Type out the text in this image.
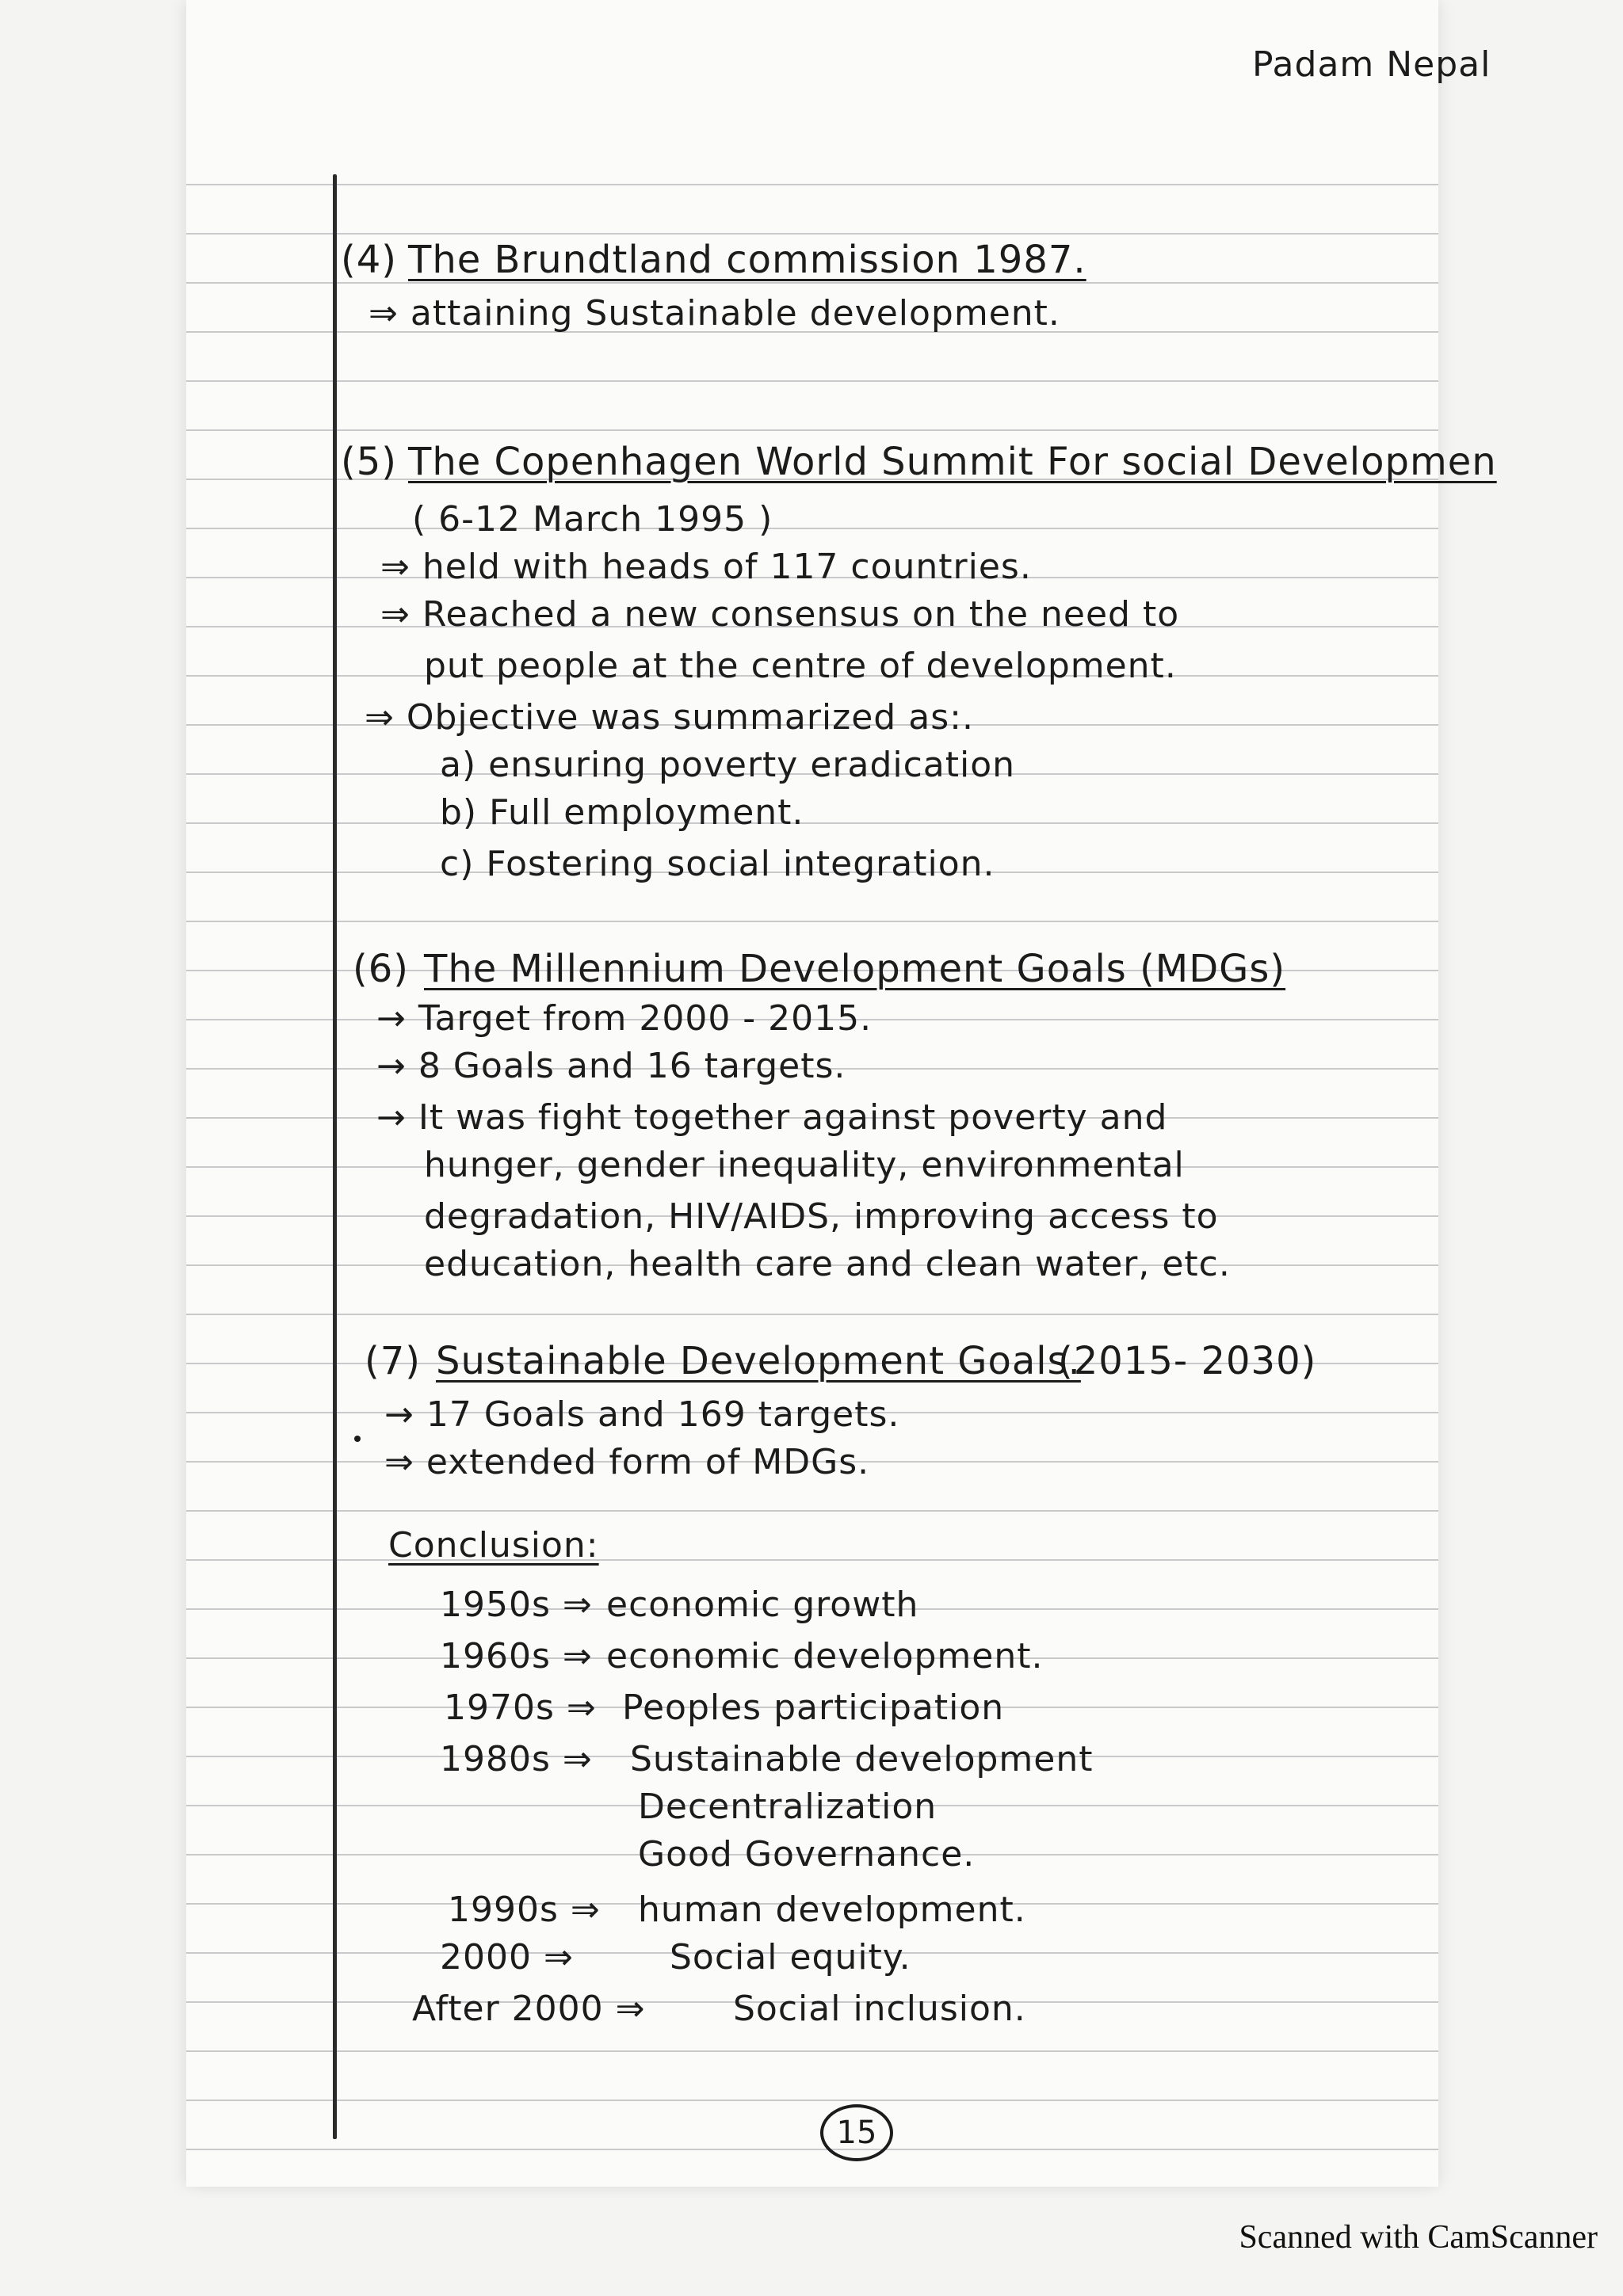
Padam Nepal
(4) The Brundtland commission 1987.
⇒ attaining Sustainable development.
(5) The Copenhagen World Summit For social Developmen
( 6-12 March 1995 )
⇒ held with heads of 117 countries.
⇒ Reached a new consensus on the need to
put people at the centre of development.
⇒ Objective was summarized as:.
a) ensuring poverty eradication
b) Full employment.
c) Fostering social integration.
(6) The Millennium Development Goals (MDGs)
→ Target from 2000 - 2015.
→ 8 Goals and 16 targets.
→ It was fight together against poverty and
hunger, gender inequality, environmental
degradation, HIV/AIDS, improving access to
education, health care and clean water, etc.
(7) Sustainable Development Goals.
(2015- 2030)
→ 17 Goals and 169 targets.
⇒ extended form of MDGs.
Conclusion:
1950s ⇒ economic growth
1960s ⇒ economic development.
1970s ⇒ Peoples participation
1980s ⇒ Sustainable development
Decentralization
Good Governance.
1990s ⇒ human development.
2000 ⇒	Social equity.
After 2000 ⇒	Social inclusion.
15
Scanned with CamScanner
